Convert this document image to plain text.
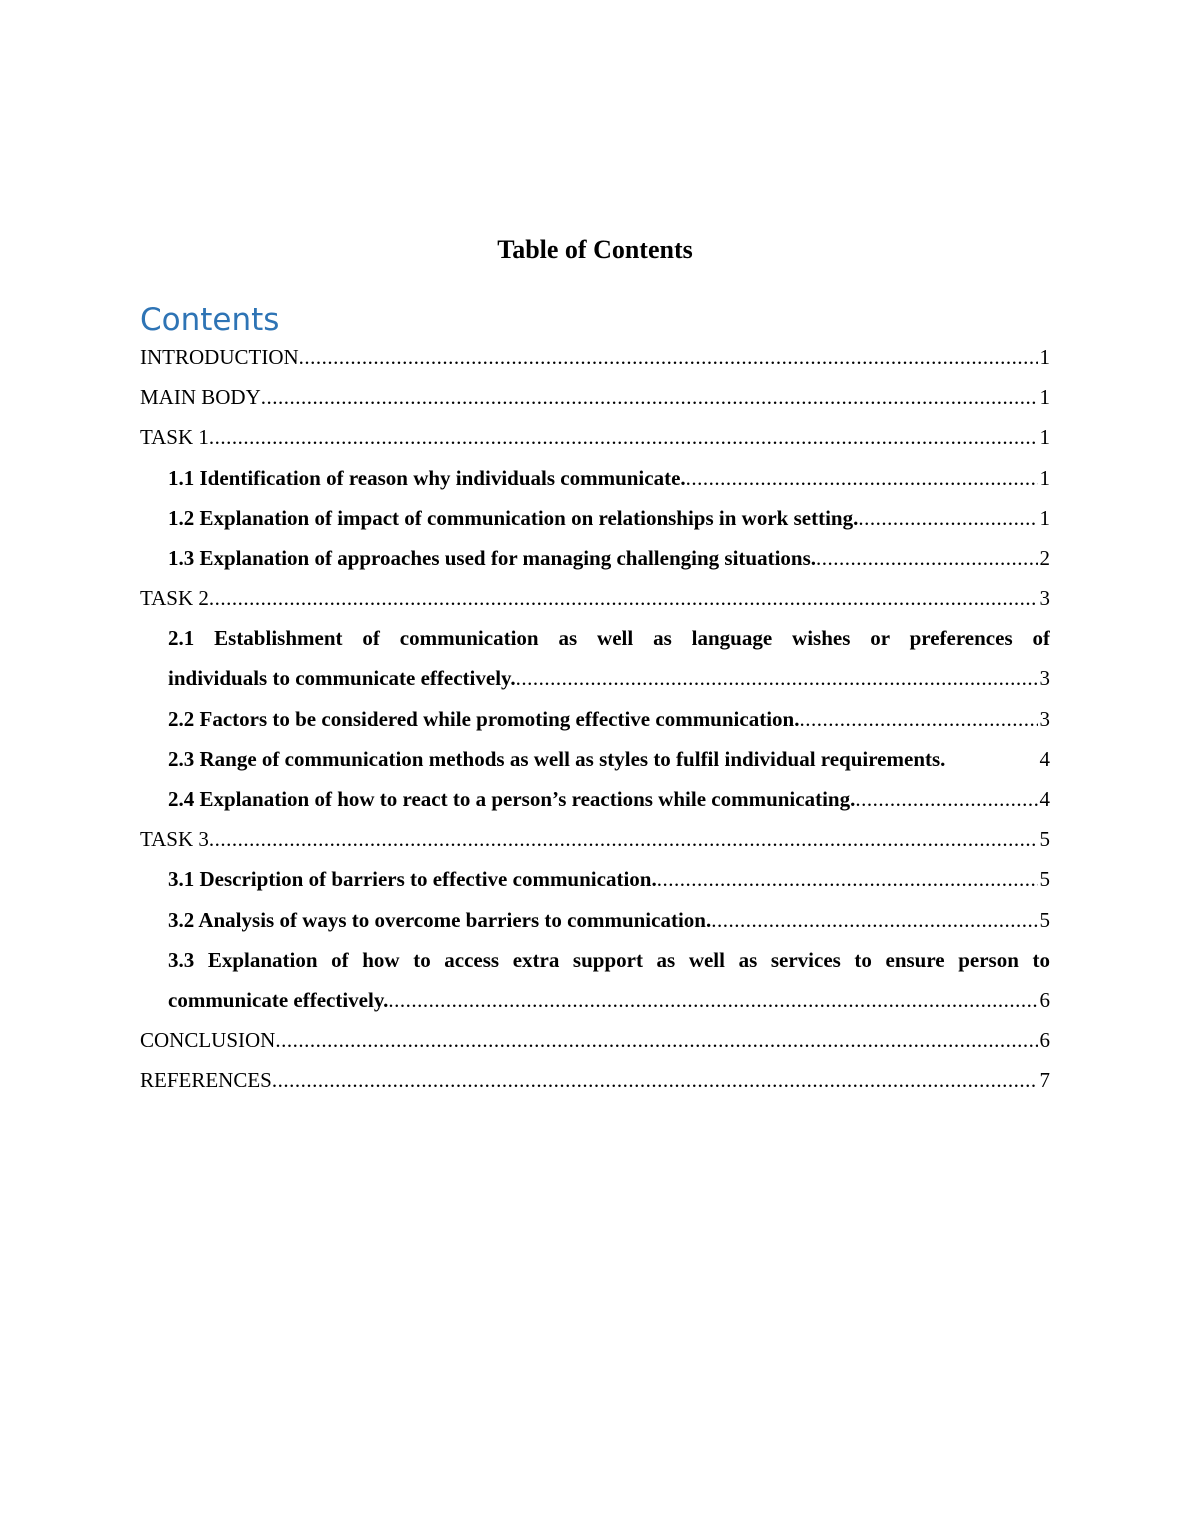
Table of Contents
Contents
INTRODUCTION .....	1
MAIN BODY .....	1
TASK 1 .....	1
1.1 Identification of reason why individuals communicate. .....	1
1.2 Explanation of impact of communication on relationships in work setting. .....	1
1.3 Explanation of approaches used for managing challenging situations. .....	2
TASK 2 .....	3
2.1 Establishment of communication as well as language wishes or preferences of
individuals to communicate effectively. .....	3
2.2 Factors to be considered while promoting effective communication. .....	3
2.3 Range of communication methods as well as styles to fulfil individual requirements.	4
2.4 Explanation of how to react to a person’s reactions while communicating. .....	4
TASK 3 .....	5
3.1 Description of barriers to effective communication. .....	5
3.2 Analysis of ways to overcome barriers to communication. .....	5
3.3 Explanation of how to access extra support as well as services to ensure person to
communicate effectively. .....	6
CONCLUSION .....	6
REFERENCES .....	7
